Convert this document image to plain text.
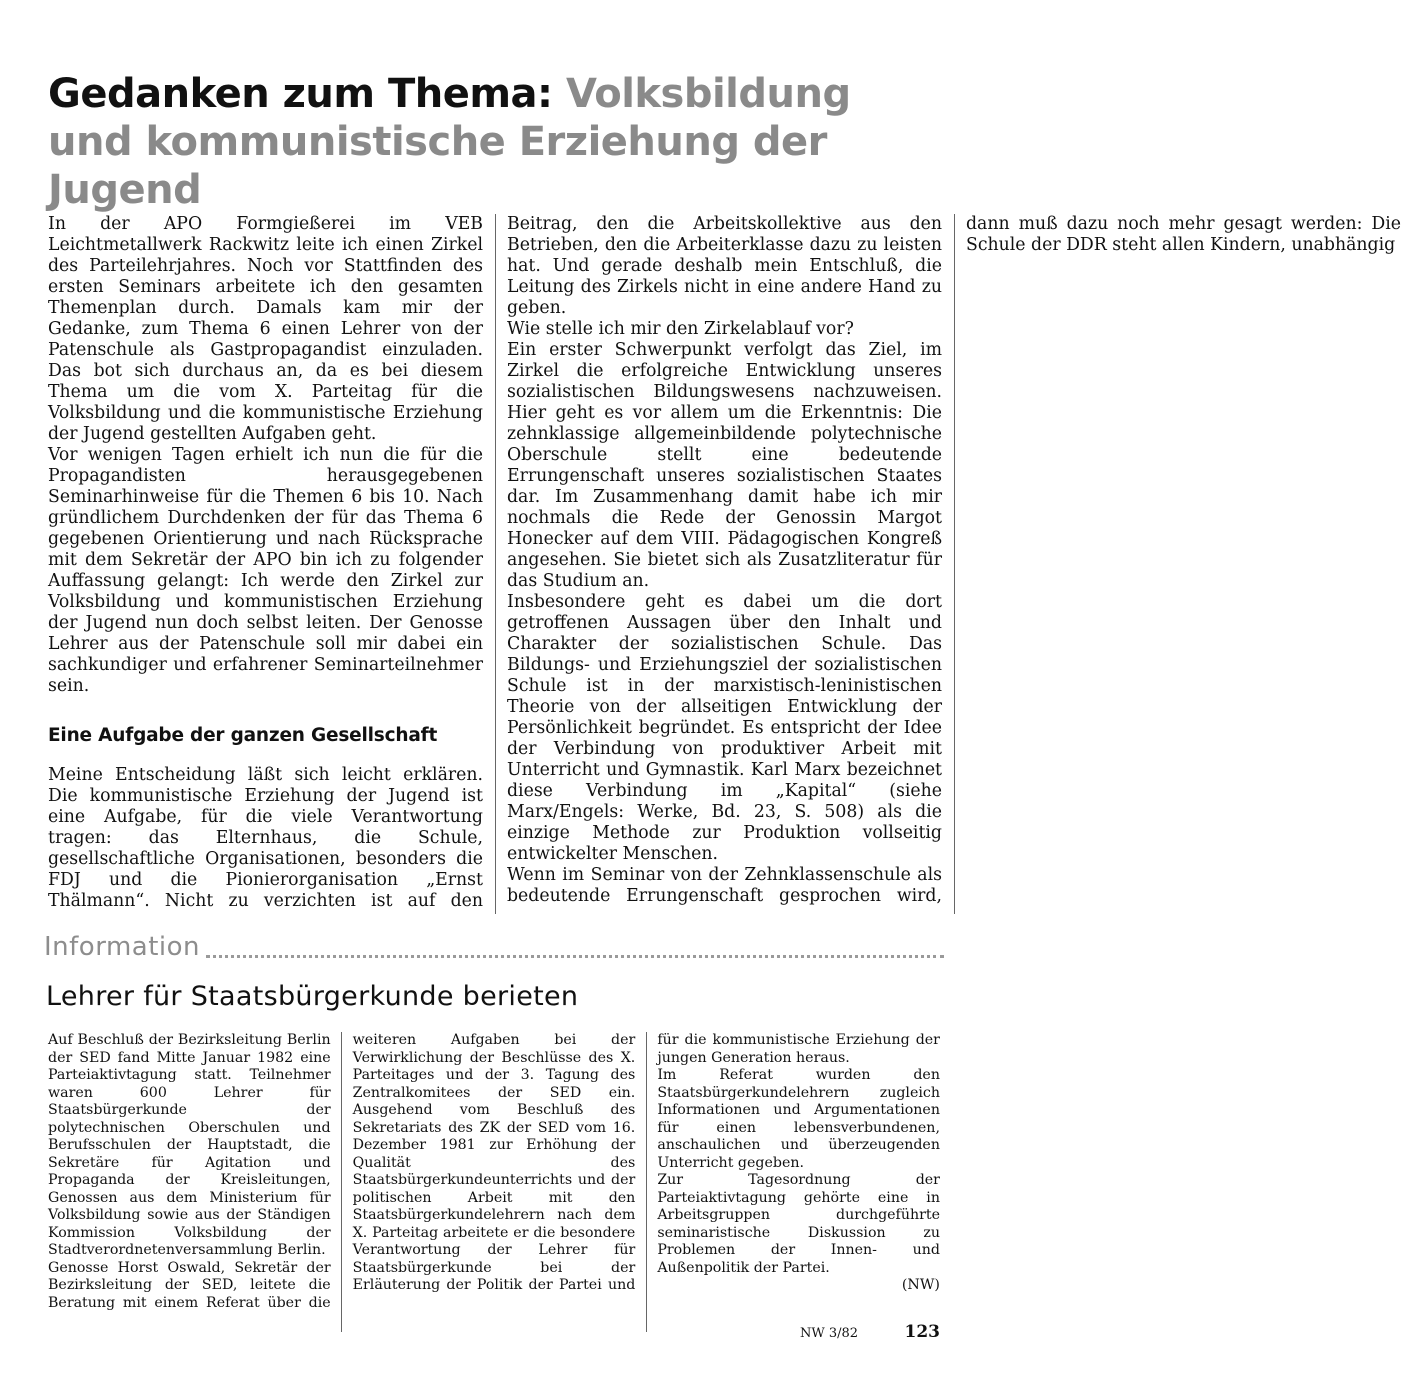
Gedanken zum Thema: Volksbildung und kommunistische Erziehung der Jugend

In der APO Formgießerei im VEB Leichtmetallwerk Rackwitz leite ich einen Zirkel des Parteilehrjahres. Noch vor Stattfinden des ersten Seminars arbeitete ich den gesamten Themenplan durch. Damals kam mir der Gedanke, zum Thema 6 einen Lehrer von der Patenschule als Gastpropagandist einzuladen. Das bot sich durchaus an, da es bei diesem Thema um die vom X. Parteitag für die Volksbildung und die kommunistische Erziehung der Jugend gestellten Aufgaben geht.

Vor wenigen Tagen erhielt ich nun die für die Propagandisten herausgegebenen Seminarhinweise für die Themen 6 bis 10. Nach gründlichem Durchdenken der für das Thema 6 gegebenen Orientierung und nach Rücksprache mit dem Sekretär der APO bin ich zu folgender Auffassung gelangt: Ich werde den Zirkel zur Volksbildung und kommunistischen Erziehung der Jugend nun doch selbst leiten. Der Genosse Lehrer aus der Patenschule soll mir dabei ein sachkundiger und erfahrener Seminarteilnehmer sein.

Eine Aufgabe der ganzen Gesellschaft

Meine Entscheidung läßt sich leicht erklären. Die kommunistische Erziehung der Jugend ist eine Aufgabe, für die viele Verantwortung tragen: das Elternhaus, die Schule, gesellschaftliche Organisationen, besonders die FDJ und die Pionierorganisation „Ernst Thälmann“. Nicht zu verzichten ist auf den Beitrag, den die Arbeitskollektive aus den Betrieben, den die Arbeiterklasse dazu zu leisten hat. Und gerade deshalb mein Entschluß, die Leitung des Zirkels nicht in eine andere Hand zu geben.

Wie stelle ich mir den Zirkelablauf vor?

Ein erster Schwerpunkt verfolgt das Ziel, im Zirkel die erfolgreiche Entwicklung unseres sozialistischen Bildungswesens nachzuweisen. Hier geht es vor allem um die Erkenntnis: Die zehnklassige allgemeinbildende polytechnische Oberschule stellt eine bedeutende Errungenschaft unseres sozialistischen Staates dar. Im Zusammenhang damit habe ich mir nochmals die Rede der Genossin Margot Honecker auf dem VIII. Pädagogischen Kongreß angesehen. Sie bietet sich als Zusatzliteratur für das Studium an.

Insbesondere geht es dabei um die dort getroffenen Aussagen über den Inhalt und Charakter der sozialistischen Schule. Das Bildungs- und Erziehungsziel der sozialistischen Schule ist in der marxistisch-leninistischen Theorie von der allseitigen Entwicklung der Persönlichkeit begründet. Es entspricht der Idee der Verbindung von produktiver Arbeit mit Unterricht und Gymnastik. Karl Marx bezeichnet diese Verbindung im „Kapital“ (siehe Marx/Engels: Werke, Bd. 23, S. 508) als die einzige Methode zur Produktion vollseitig entwickelter Menschen.

Wenn im Seminar von der Zehnklassenschule als bedeutende Errungenschaft gesprochen wird, dann muß dazu noch mehr gesagt werden: Die Schule der DDR steht allen Kindern, unabhängig

Information
Lehrer für Staatsbürgerkunde berieten

Auf Beschluß der Bezirksleitung Berlin der SED fand Mitte Januar 1982 eine Parteiaktivtagung statt. Teilnehmer waren 600 Lehrer für Staatsbürgerkunde der polytechnischen Oberschulen und Berufsschulen der Hauptstadt, die Sekretäre für Agitation und Propaganda der Kreisleitungen, Genossen aus dem Ministerium für Volksbildung sowie aus der Ständigen Kommission Volksbildung der Stadtverordnetenversammlung Berlin.

Genosse Horst Oswald, Sekretär der Bezirksleitung der SED, leitete die Beratung mit einem Referat über die weiteren Aufgaben bei der Verwirklichung der Beschlüsse des X. Parteitages und der 3. Tagung des Zentralkomitees der SED ein. Ausgehend vom Beschluß des Sekretariats des ZK der SED vom 16. Dezember 1981 zur Erhöhung der Qualität des Staatsbürgerkundeunterrichts und der politischen Arbeit mit den Staatsbürgerkundelehrern nach dem X. Parteitag arbeitete er die besondere Verantwortung der Lehrer für Staatsbürgerkunde bei der Erläuterung der Politik der Partei und für die kommunistische Erziehung der jungen Generation heraus.

Im Referat wurden den Staatsbürgerkundelehrern zugleich Informationen und Argumentationen für einen lebensverbundenen, anschaulichen und überzeugenden Unterricht gegeben.

Zur Tagesordnung der Parteiaktivtagung gehörte eine in Arbeitsgruppen durchgeführte seminaristische Diskussion zu Problemen der Innen- und Außenpolitik der Partei.

(NW)
NW 3/82	123
